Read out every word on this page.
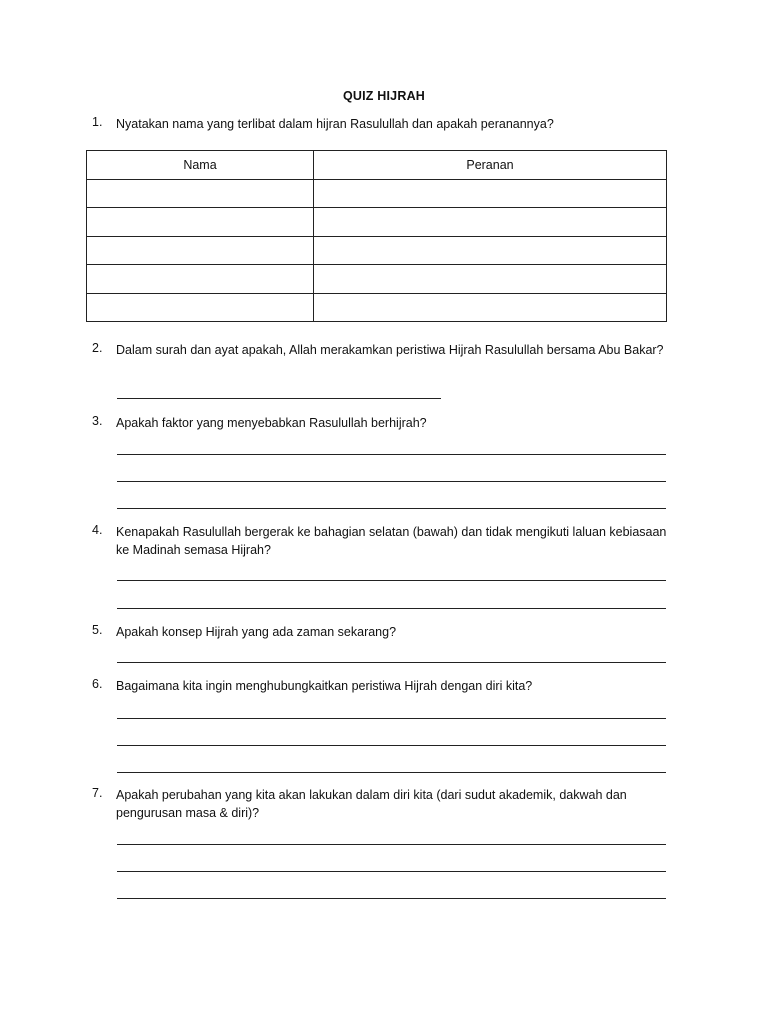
QUIZ HIJRAH
1.	Nyatakan nama yang terlibat dalam hijran Rasulullah dan apakah peranannya?
Nama	Peranan

2.	Dalam surah dan ayat apakah, Allah merakamkan peristiwa Hijrah Rasulullah bersama Abu Bakar?
3.	Apakah faktor yang menyebabkan Rasulullah berhijrah?
4.	Kenapakah Rasulullah bergerak ke bahagian selatan (bawah) dan tidak mengikuti laluan kebiasaan ke Madinah semasa Hijrah?
5.	Apakah konsep Hijrah yang ada zaman sekarang?
6.	Bagaimana kita ingin menghubungkaitkan peristiwa Hijrah dengan diri kita?
7.	Apakah perubahan yang kita akan lakukan dalam diri kita (dari sudut akademik, dakwah dan pengurusan masa & diri)?
